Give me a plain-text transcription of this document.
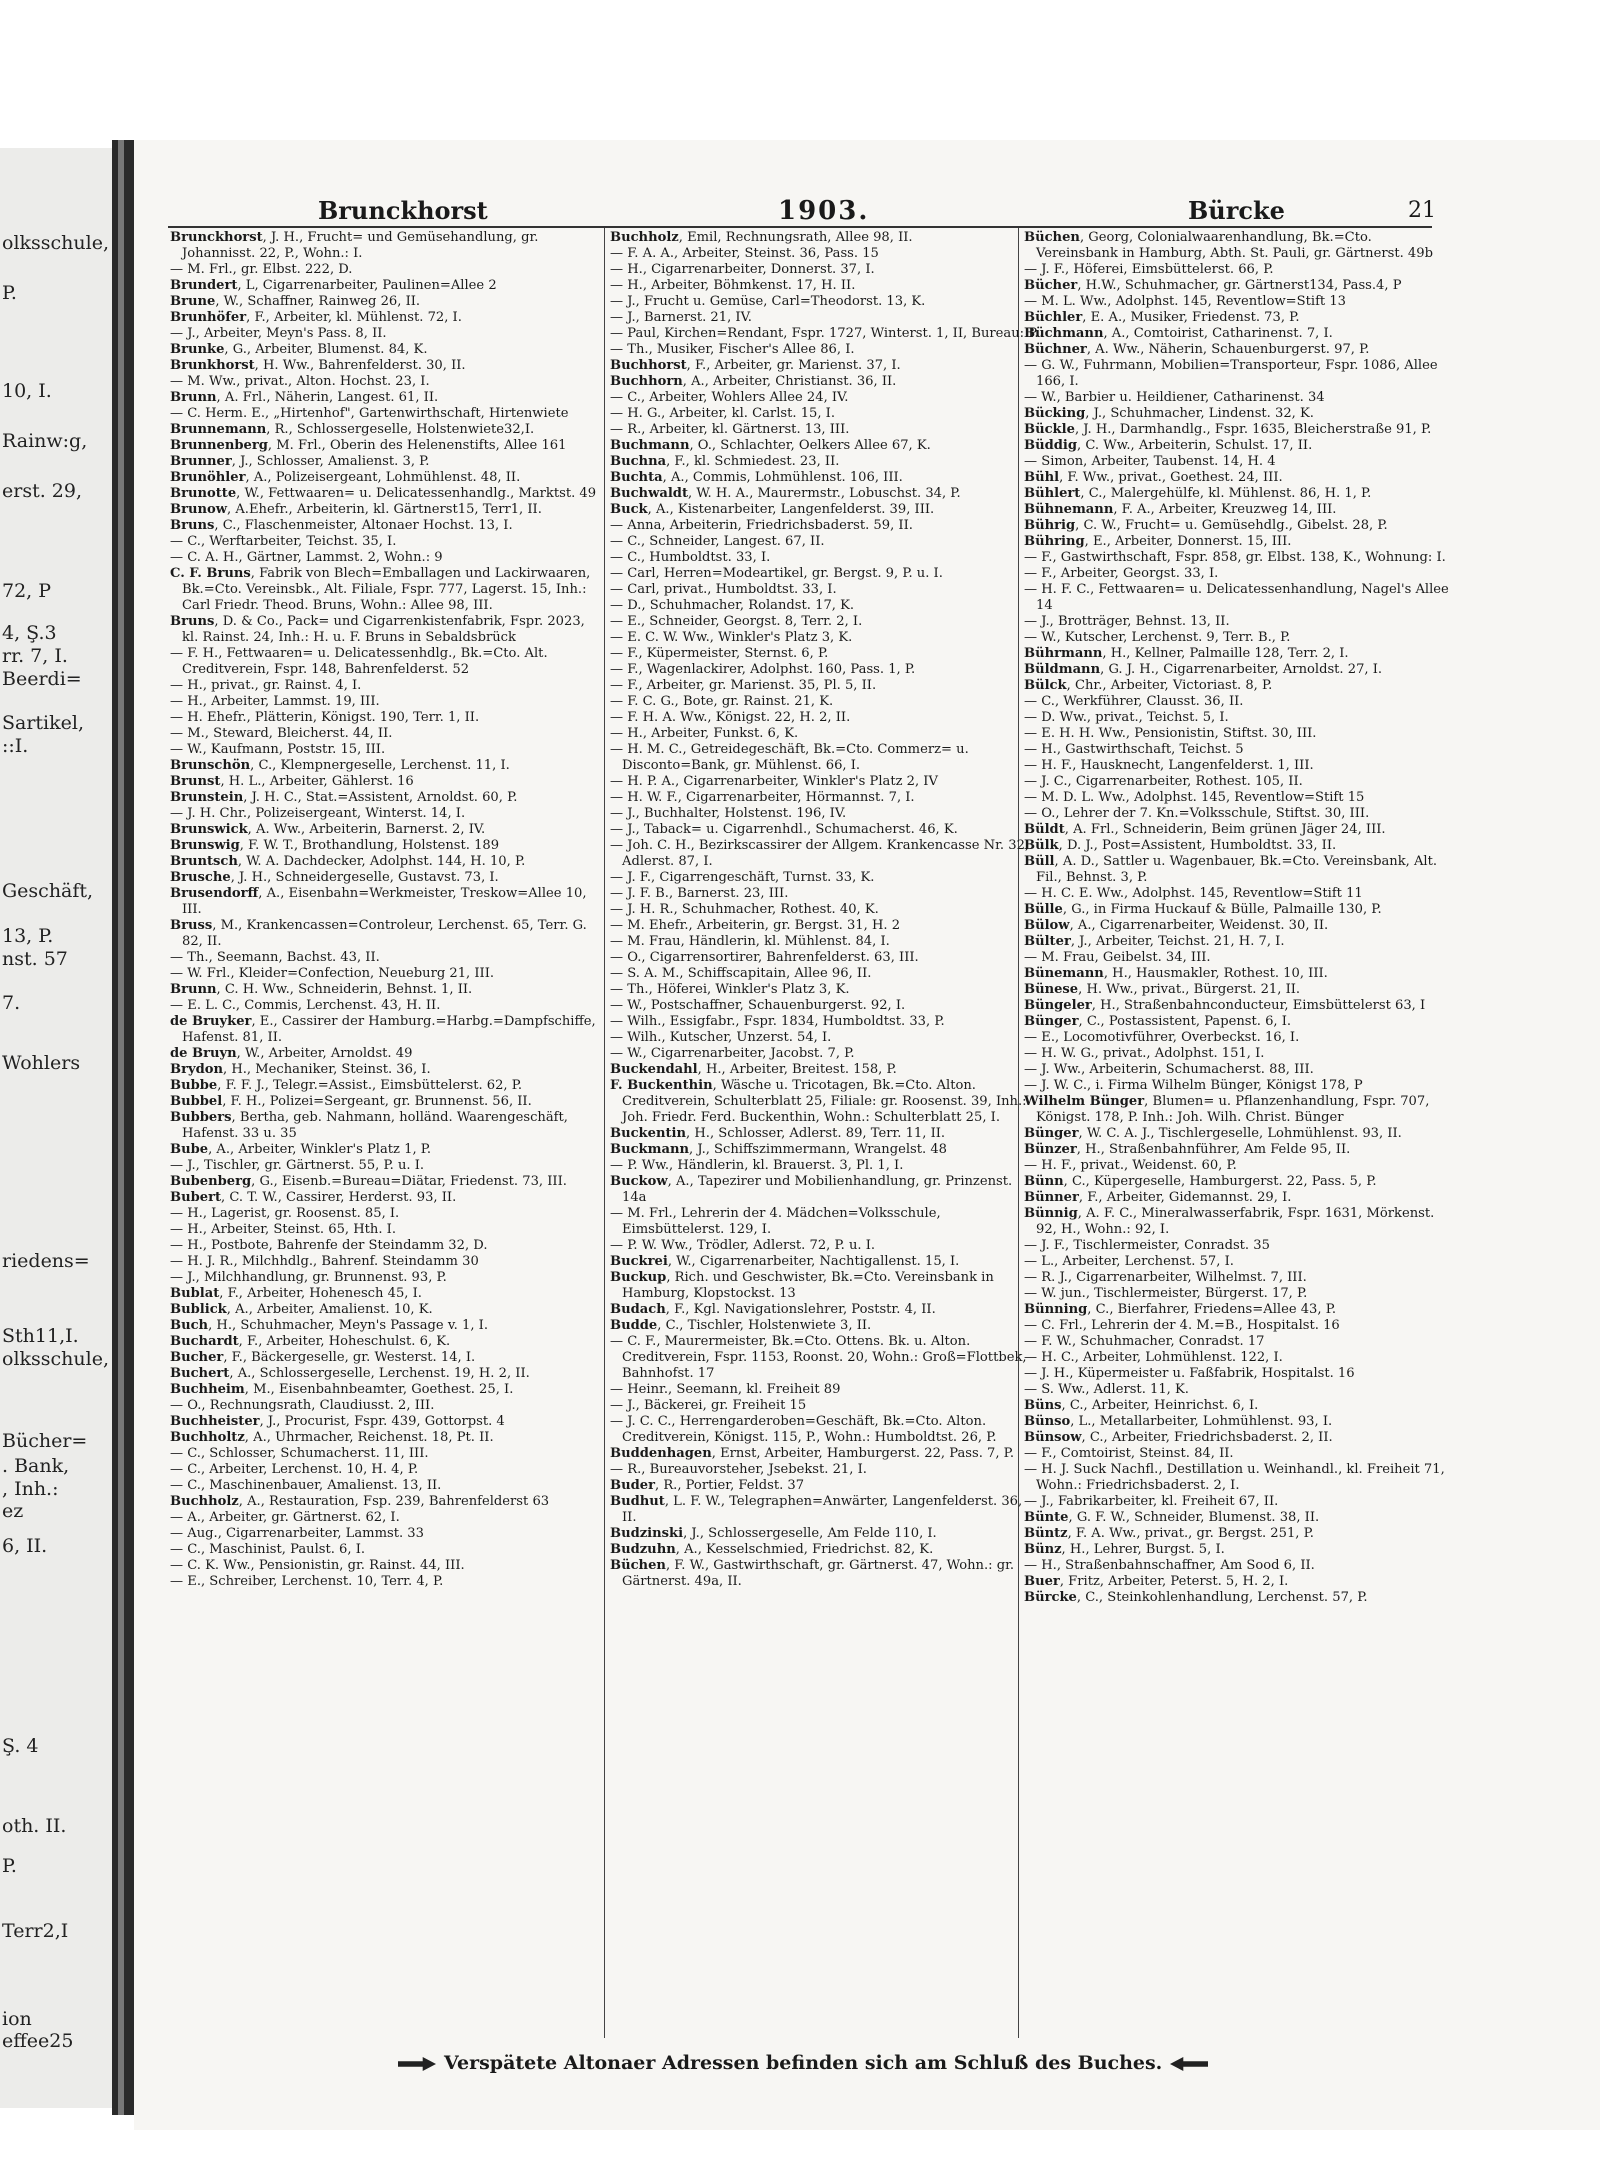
olksschule,
P.
10, I.
Rainw:g,
erst. 29,
72, P
4, Ş.3
rr. 7, I.
Beerdi=
Sartikel,
::I.
Geschäft,
13, P.
nst. 57
7.
Wohlers
riedens=
Sth11,I.
olksschule,
Bücher=
. Bank,
, Inh.:
ez
6, II.
Ş. 4
oth. II.
P.
Terr2,I
ion
effee25
Brunckhorst	1903.	Bürcke	21

Brunckhorst, J. H., Frucht= und Gemüsehandlung, gr. Johannisst. 22, P., Wohn.: I.

— M. Frl., gr. Elbst. 222, D.

Brundert, L, Cigarrenarbeiter, Paulinen=Allee 2

Brune, W., Schaffner, Rainweg 26, II.

Brunhöfer, F., Arbeiter, kl. Mühlenst. 72, I.

— J., Arbeiter, Meyn's Pass. 8, II.

Brunke, G., Arbeiter, Blumenst. 84, K.

Brunkhorst, H. Ww., Bahrenfelderst. 30, II.

— M. Ww., privat., Alton. Hochst. 23, I.

Brunn, A. Frl., Näherin, Langest. 61, II.

— C. Herm. E., „Hirtenhof", Gartenwirthschaft, Hirtenwiete

Brunnemann, R., Schlossergeselle, Holstenwiete32,I.

Brunnenberg, M. Frl., Oberin des Helenenstifts, Allee 161

Brunner, J., Schlosser, Amalienst. 3, P.

Brunöhler, A., Polizeisergeant, Lohmühlenst. 48, II.

Brunotte, W., Fettwaaren= u. Delicatessenhandlg., Marktst. 49

Brunow, A.Ehefr., Arbeiterin, kl. Gärtnerst15, Terr1, II.

Bruns, C., Flaschenmeister, Altonaer Hochst. 13, I.

— C., Werftarbeiter, Teichst. 35, I.

— C. A. H., Gärtner, Lammst. 2, Wohn.: 9

C. F. Bruns, Fabrik von Blech=Emballagen und Lackirwaaren, Bk.=Cto. Vereinsbk., Alt. Filiale, Fspr. 777, Lagerst. 15, Inh.: Carl Friedr. Theod. Bruns, Wohn.: Allee 98, III.

Bruns, D. & Co., Pack= und Cigarrenkistenfabrik, Fspr. 2023, kl. Rainst. 24, Inh.: H. u. F. Bruns in Sebaldsbrück

— F. H., Fettwaaren= u. Delicatessenhdlg., Bk.=Cto. Alt. Creditverein, Fspr. 148, Bahrenfelderst. 52

— H., privat., gr. Rainst. 4, I.

— H., Arbeiter, Lammst. 19, III.

— H. Ehefr., Plätterin, Königst. 190, Terr. 1, II.

— M., Steward, Bleicherst. 44, II.

— W., Kaufmann, Poststr. 15, III.

Brunschön, C., Klempnergeselle, Lerchenst. 11, I.

Brunst, H. L., Arbeiter, Gählerst. 16

Brunstein, J. H. C., Stat.=Assistent, Arnoldst. 60, P.

— J. H. Chr., Polizeisergeant, Winterst. 14, I.

Brunswick, A. Ww., Arbeiterin, Barnerst. 2, IV.

Brunswig, F. W. T., Brothandlung, Holstenst. 189

Bruntsch, W. A. Dachdecker, Adolphst. 144, H. 10, P.

Brusche, J. H., Schneidergeselle, Gustavst. 73, I.

Brusendorff, A., Eisenbahn=Werkmeister, Treskow=Allee 10, III.

Bruss, M., Krankencassen=Controleur, Lerchenst. 65, Terr. G. 82, II.

— Th., Seemann, Bachst. 43, II.

— W. Frl., Kleider=Confection, Neueburg 21, III.

Brunn, C. H. Ww., Schneiderin, Behnst. 1, II.

— E. L. C., Commis, Lerchenst. 43, H. II.

de Bruyker, E., Cassirer der Hamburg.=Harbg.=Dampfschiffe, Hafenst. 81, II.

de Bruyn, W., Arbeiter, Arnoldst. 49

Brydon, H., Mechaniker, Steinst. 36, I.

Bubbe, F. F. J., Telegr.=Assist., Eimsbüttelerst. 62, P.

Bubbel, F. H., Polizei=Sergeant, gr. Brunnenst. 56, II.

Bubbers, Bertha, geb. Nahmann, holländ. Waarengeschäft, Hafenst. 33 u. 35

Bube, A., Arbeiter, Winkler's Platz 1, P.

— J., Tischler, gr. Gärtnerst. 55, P. u. I.

Bubenberg, G., Eisenb.=Bureau=Diätar, Friedenst. 73, III.

Bubert, C. T. W., Cassirer, Herderst. 93, II.

— H., Lagerist, gr. Roosenst. 85, I.

— H., Arbeiter, Steinst. 65, Hth. I.

— H., Postbote, Bahrenfe der Steindamm 32, D.

— H. J. R., Milchhdlg., Bahrenf. Steindamm 30

— J., Milchhandlung, gr. Brunnenst. 93, P.

Bublat, F., Arbeiter, Hohenesch 45, I.

Bublick, A., Arbeiter, Amalienst. 10, K.

Buch, H., Schuhmacher, Meyn's Passage v. 1, I.

Buchardt, F., Arbeiter, Hoheschulst. 6, K.

Bucher, F., Bäckergeselle, gr. Westerst. 14, I.

Buchert, A., Schlossergeselle, Lerchenst. 19, H. 2, II.

Buchheim, M., Eisenbahnbeamter, Goethest. 25, I.

— O., Rechnungsrath, Claudiusst. 2, III.

Buchheister, J., Procurist, Fspr. 439, Gottorpst. 4

Buchholtz, A., Uhrmacher, Reichenst. 18, Pt. II.

— C., Schlosser, Schumacherst. 11, III.

— C., Arbeiter, Lerchenst. 10, H. 4, P.

— C., Maschinenbauer, Amalienst. 13, II.

Buchholz, A., Restauration, Fsp. 239, Bahrenfelderst 63

— A., Arbeiter, gr. Gärtnerst. 62, I.

— Aug., Cigarrenarbeiter, Lammst. 33

— C., Maschinist, Paulst. 6, I.

— C. K. Ww., Pensionistin, gr. Rainst. 44, III.

— E., Schreiber, Lerchenst. 10, Terr. 4, P.

Buchholz, Emil, Rechnungsrath, Allee 98, II.

— F. A. A., Arbeiter, Steinst. 36, Pass. 15

— H., Cigarrenarbeiter, Donnerst. 37, I.

— H., Arbeiter, Böhmkenst. 17, H. II.

— J., Frucht u. Gemüse, Carl=Theodorst. 13, K.

— J., Barnerst. 21, IV.

— Paul, Kirchen=Rendant, Fspr. 1727, Winterst. 1, II, Bureau: P.

— Th., Musiker, Fischer's Allee 86, I.

Buchhorst, F., Arbeiter, gr. Marienst. 37, I.

Buchhorn, A., Arbeiter, Christianst. 36, II.

— C., Arbeiter, Wohlers Allee 24, IV.

— H. G., Arbeiter, kl. Carlst. 15, I.

— R., Arbeiter, kl. Gärtnerst. 13, III.

Buchmann, O., Schlachter, Oelkers Allee 67, K.

Buchna, F., kl. Schmiedest. 23, II.

Buchta, A., Commis, Lohmühlenst. 106, III.

Buchwaldt, W. H. A., Maurermstr., Lobuschst. 34, P.

Buck, A., Kistenarbeiter, Langenfelderst. 39, III.

— Anna, Arbeiterin, Friedrichsbaderst. 59, II.

— C., Schneider, Langest. 67, II.

— C., Humboldtst. 33, I.

— Carl, Herren=Modeartikel, gr. Bergst. 9, P. u. I.

— Carl, privat., Humboldtst. 33, I.

— D., Schuhmacher, Rolandst. 17, K.

— E., Schneider, Georgst. 8, Terr. 2, I.

— E. C. W. Ww., Winkler's Platz 3, K.

— F., Küpermeister, Sternst. 6, P.

— F., Wagenlackirer, Adolphst. 160, Pass. 1, P.

— F., Arbeiter, gr. Marienst. 35, Pl. 5, II.

— F. C. G., Bote, gr. Rainst. 21, K.

— F. H. A. Ww., Königst. 22, H. 2, II.

— H., Arbeiter, Funkst. 6, K.

— H. M. C., Getreidegeschäft, Bk.=Cto. Commerz= u. Disconto=Bank, gr. Mühlenst. 66, I.

— H. P. A., Cigarrenarbeiter, Winkler's Platz 2, IV

— H. W. F., Cigarrenarbeiter, Hörmannst. 7, I.

— J., Buchhalter, Holstenst. 196, IV.

— J., Taback= u. Cigarrenhdl., Schumacherst. 46, K.

— Joh. C. H., Bezirkscassirer der Allgem. Krankencasse Nr. 32, Adlerst. 87, I.

— J. F., Cigarrengeschäft, Turnst. 33, K.

— J. F. B., Barnerst. 23, III.

— J. H. R., Schuhmacher, Rothest. 40, K.

— M. Ehefr., Arbeiterin, gr. Bergst. 31, H. 2

— M. Frau, Händlerin, kl. Mühlenst. 84, I.

— O., Cigarrensortirer, Bahrenfelderst. 63, III.

— S. A. M., Schiffscapitain, Allee 96, II.

— Th., Höferei, Winkler's Platz 3, K.

— W., Postschaffner, Schauenburgerst. 92, I.

— Wilh., Essigfabr., Fspr. 1834, Humboldtst. 33, P.

— Wilh., Kutscher, Unzerst. 54, I.

— W., Cigarrenarbeiter, Jacobst. 7, P.

Buckendahl, H., Arbeiter, Breitest. 158, P.

F. Buckenthin, Wäsche u. Tricotagen, Bk.=Cto. Alton. Creditverein, Schulterblatt 25, Filiale: gr. Roosenst. 39, Inh.: Joh. Friedr. Ferd. Buckenthin, Wohn.: Schulterblatt 25, I.

Buckentin, H., Schlosser, Adlerst. 89, Terr. 11, II.

Buckmann, J., Schiffszimmermann, Wrangelst. 48

— P. Ww., Händlerin, kl. Brauerst. 3, Pl. 1, I.

Buckow, A., Tapezirer und Mobilienhandlung, gr. Prinzenst. 14a

— M. Frl., Lehrerin der 4. Mädchen=Volksschule, Eimsbüttelerst. 129, I.

— P. W. Ww., Trödler, Adlerst. 72, P. u. I.

Buckrei, W., Cigarrenarbeiter, Nachtigallenst. 15, I.

Buckup, Rich. und Geschwister, Bk.=Cto. Vereinsbank in Hamburg, Klopstockst. 13

Budach, F., Kgl. Navigationslehrer, Poststr. 4, II.

Budde, C., Tischler, Holstenwiete 3, II.

— C. F., Maurermeister, Bk.=Cto. Ottens. Bk. u. Alton. Creditverein, Fspr. 1153, Roonst. 20, Wohn.: Groß=Flottbek, Bahnhofst. 17

— Heinr., Seemann, kl. Freiheit 89

— J., Bäckerei, gr. Freiheit 15

— J. C. C., Herrengarderoben=Geschäft, Bk.=Cto. Alton. Creditverein, Königst. 115, P., Wohn.: Humboldtst. 26, P.

Buddenhagen, Ernst, Arbeiter, Hamburgerst. 22, Pass. 7, P.

— R., Bureauvorsteher, Jsebekst. 21, I.

Buder, R., Portier, Feldst. 37

Budhut, L. F. W., Telegraphen=Anwärter, Langenfelderst. 36, II.

Budzinski, J., Schlossergeselle, Am Felde 110, I.

Budzuhn, A., Kesselschmied, Friedrichst. 82, K.

Büchen, F. W., Gastwirthschaft, gr. Gärtnerst. 47, Wohn.: gr. Gärtnerst. 49a, II.

Büchen, Georg, Colonialwaarenhandlung, Bk.=Cto. Vereinsbank in Hamburg, Abth. St. Pauli, gr. Gärtnerst. 49b

— J. F., Höferei, Eimsbüttelerst. 66, P.

Bücher, H.W., Schuhmacher, gr. Gärtnerst134, Pass.4, P

— M. L. Ww., Adolphst. 145, Reventlow=Stift 13

Büchler, E. A., Musiker, Friedenst. 73, P.

Büchmann, A., Comtoirist, Catharinenst. 7, I.

Büchner, A. Ww., Näherin, Schauenburgerst. 97, P.

— G. W., Fuhrmann, Mobilien=Transporteur, Fspr. 1086, Allee 166, I.

— W., Barbier u. Heildiener, Catharinenst. 34

Bücking, J., Schuhmacher, Lindenst. 32, K.

Bückle, J. H., Darmhandlg., Fspr. 1635, Bleicherstraße 91, P.

Büddig, C. Ww., Arbeiterin, Schulst. 17, II.

— Simon, Arbeiter, Taubenst. 14, H. 4

Bühl, F. Ww., privat., Goethest. 24, III.

Bühlert, C., Malergehülfe, kl. Mühlenst. 86, H. 1, P.

Bühnemann, F. A., Arbeiter, Kreuzweg 14, III.

Bührig, C. W., Frucht= u. Gemüsehdlg., Gibelst. 28, P.

Bühring, E., Arbeiter, Donnerst. 15, III.

— F., Gastwirthschaft, Fspr. 858, gr. Elbst. 138, K., Wohnung: I.

— F., Arbeiter, Georgst. 33, I.

— H. F. C., Fettwaaren= u. Delicatessenhandlung, Nagel's Allee 14

— J., Brotträger, Behnst. 13, II.

— W., Kutscher, Lerchenst. 9, Terr. B., P.

Bührmann, H., Kellner, Palmaille 128, Terr. 2, I.

Büldmann, G. J. H., Cigarrenarbeiter, Arnoldst. 27, I.

Bülck, Chr., Arbeiter, Victoriast. 8, P.

— C., Werkführer, Clausst. 36, II.

— D. Ww., privat., Teichst. 5, I.

— E. H. H. Ww., Pensionistin, Stiftst. 30, III.

— H., Gastwirthschaft, Teichst. 5

— H. F., Hausknecht, Langenfelderst. 1, III.

— J. C., Cigarrenarbeiter, Rothest. 105, II.

— M. D. L. Ww., Adolphst. 145, Reventlow=Stift 15

— O., Lehrer der 7. Kn.=Volksschule, Stiftst. 30, III.

Büldt, A. Frl., Schneiderin, Beim grünen Jäger 24, III.

Bülk, D. J., Post=Assistent, Humboldtst. 33, II.

Büll, A. D., Sattler u. Wagenbauer, Bk.=Cto. Vereinsbank, Alt. Fil., Behnst. 3, P.

— H. C. E. Ww., Adolphst. 145, Reventlow=Stift 11

Bülle, G., in Firma Huckauf & Bülle, Palmaille 130, P.

Bülow, A., Cigarrenarbeiter, Weidenst. 30, II.

Bülter, J., Arbeiter, Teichst. 21, H. 7, I.

— M. Frau, Geibelst. 34, III.

Bünemann, H., Hausmakler, Rothest. 10, III.

Bünese, H. Ww., privat., Bürgerst. 21, II.

Büngeler, H., Straßenbahnconducteur, Eimsbüttelerst 63, I

Bünger, C., Postassistent, Papenst. 6, I.

— E., Locomotivführer, Overbeckst. 16, I.

— H. W. G., privat., Adolphst. 151, I.

— J. Ww., Arbeiterin, Schumacherst. 88, III.

— J. W. C., i. Firma Wilhelm Bünger, Königst 178, P

Wilhelm Bünger, Blumen= u. Pflanzenhandlung, Fspr. 707, Königst. 178, P. Inh.: Joh. Wilh. Christ. Bünger

Bünger, W. C. A. J., Tischlergeselle, Lohmühlenst. 93, II.

Bünzer, H., Straßenbahnführer, Am Felde 95, II.

— H. F., privat., Weidenst. 60, P.

Bünn, C., Küpergeselle, Hamburgerst. 22, Pass. 5, P.

Bünner, F., Arbeiter, Gidemannst. 29, I.

Bünnig, A. F. C., Mineralwasserfabrik, Fspr. 1631, Mörkenst. 92, H., Wohn.: 92, I.

— J. F., Tischlermeister, Conradst. 35

— L., Arbeiter, Lerchenst. 57, I.

— R. J., Cigarrenarbeiter, Wilhelmst. 7, III.

— W. jun., Tischlermeister, Bürgerst. 17, P.

Bünning, C., Bierfahrer, Friedens=Allee 43, P.

— C. Frl., Lehrerin der 4. M.=B., Hospitalst. 16

— F. W., Schuhmacher, Conradst. 17

— H. C., Arbeiter, Lohmühlenst. 122, I.

— J. H., Küpermeister u. Faßfabrik, Hospitalst. 16

— S. Ww., Adlerst. 11, K.

Büns, C., Arbeiter, Heinrichst. 6, I.

Bünso, L., Metallarbeiter, Lohmühlenst. 93, I.

Bünsow, C., Arbeiter, Friedrichsbaderst. 2, II.

— F., Comtoirist, Steinst. 84, II.

— H. J. Suck Nachfl., Destillation u. Weinhandl., kl. Freiheit 71, Wohn.: Friedrichsbaderst. 2, I.

— J., Fabrikarbeiter, kl. Freiheit 67, II.

Bünte, G. F. W., Schneider, Blumenst. 38, II.

Büntz, F. A. Ww., privat., gr. Bergst. 251, P.

Bünz, H., Lehrer, Burgst. 5, I.

— H., Straßenbahnschaffner, Am Sood 6, II.

Buer, Fritz, Arbeiter, Peterst. 5, H. 2, I.

Bürcke, C., Steinkohlenhandlung, Lerchenst. 57, P.

Verspätete Altonaer Adressen befinden sich am Schluß des Buches.
